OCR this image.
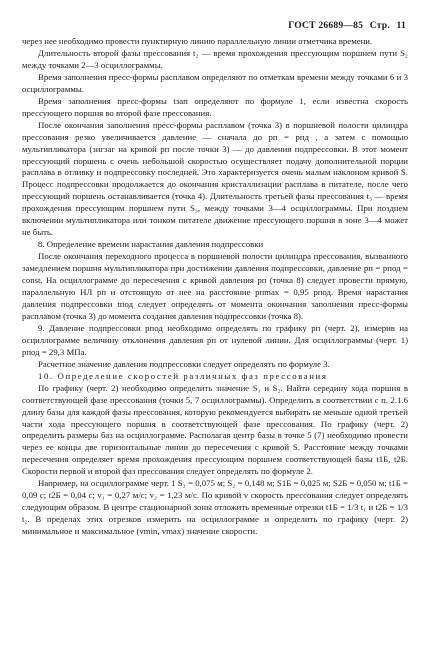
ГОСТ 26689—85 Стр. 11

через нее необходимо провести пунктирную линию параллельную линии отметчика времени.

Длительность второй фазы прессования t₂ — время прохождения прессующим поршнем пути S₂ между точками 2—3 осциллограммы.

Время заполнения пресс-формы расплавом определяют по отметкам времени между точками 6 и 3 осциллограммы.

Время заполнения пресс-формы tзап определяют по формуле 1, если известна скорость прессующего поршня во второй фазе прессования.

После окончания заполнения пресс-формы расплавом (точка 3) в поршневой полости цилиндра прессования резко увеличивается давление — сначала до pп = pпд , а затем с помощью мультипликатора (зигзаг на кривой pп после точки 3) — до давления подпрессовки. В этот момент прессующий поршень с очень небольшой скоростью осуществляет подачу дополнительной порции расплава в отливку и подпрессовку последней. Это характеризуется очень малым наклоном кривой S. Процесс подпрессовки продолжается до окончания кристаллизации расплава в питателе, после чего прессующий поршень останавливается (точка 4). Длительность третьей фазы прессования t₃ — время прохождения прессующим поршнем пути S₃, между точками 3—4 осциллограммы. При позднем включении мультипликатора или тонком питателе движение прессующего поршня в зоне 3—4 может не быть.

8. Определение времени нарастания давления подпрессовки

После окончания переходного процесса в поршневой полости цилиндра прессования, вызванного замедлением поршня мультипликатора при достижении давления подпрессовки, давление pп = pпод = const. На осциллограмме до пересечения с кривой давления pп (точка 8) следует провести прямую, параллельную НЛ pп и отстоящую от нее на расстояние pпmax = 0,95 pпод. Время нарастания давления подпрессовки tпод следует определять от момента окончания заполнения пресс-формы расплавом (точка 3) до момента создания давления подпрессовки (точка 8).

9. Давление подпрессовки pпод необходимо определять по графику pп (черт. 2), измерив на осциллограмме величину отклонения давления pп от нулевой линии. Для осциллограммы (черт. 1) pпод = 29,3 МПа.

Расчетное значение давления подпрессовки следует определять по формуле 3.

10. Определение скоростей различных фаз прессования

По графику (черт. 2) необходимо определить значение S₁ и S₂. Найти середину хода поршня в соответствующей фазе прессования (точки 5, 7 осциллограммы). Определить в соответствии с п. 2.1.6 длину базы для каждой фазы прессования, которую рекомендуется выбирать не меньше одной третьей части хода прессующего поршня в соответствующей фазе прессования. По графику (черт. 2) определить размеры баз на осциллограмме. Располагая центр базы в точке 5 (7) необходимо провести через ее концы две горизонтальные линии до пересечения с кривой S. Расстояние между точками пересечения определяет время прохождения прессующим поршнем соответствующей базы t1Б, t2Б. Скорости первой и второй фаз прессования следует определять по формуле 2.

Например, на осциллограмме черт. 1 S₁ = 0,075 м; S₂ = 0,148 м; S1Б = 0,025 м; S2Б = 0,050 м; t1Б = 0,09 с; t2Б = 0,04 с; v₁ = 0,27 м/с; v₂ = 1,23 м/с. По кривой v скорость прессования следует определять следующим образом. В центре стационарной зоны отложить временные отрезки t1Б = 1/3 t₁ и t2Б = 1/3 t₂. В пределах этих отрезков измерить на осциллограмме и определить по графику (черт. 2) минимальное и максимальное (vmin, vmax) значение скорости.
